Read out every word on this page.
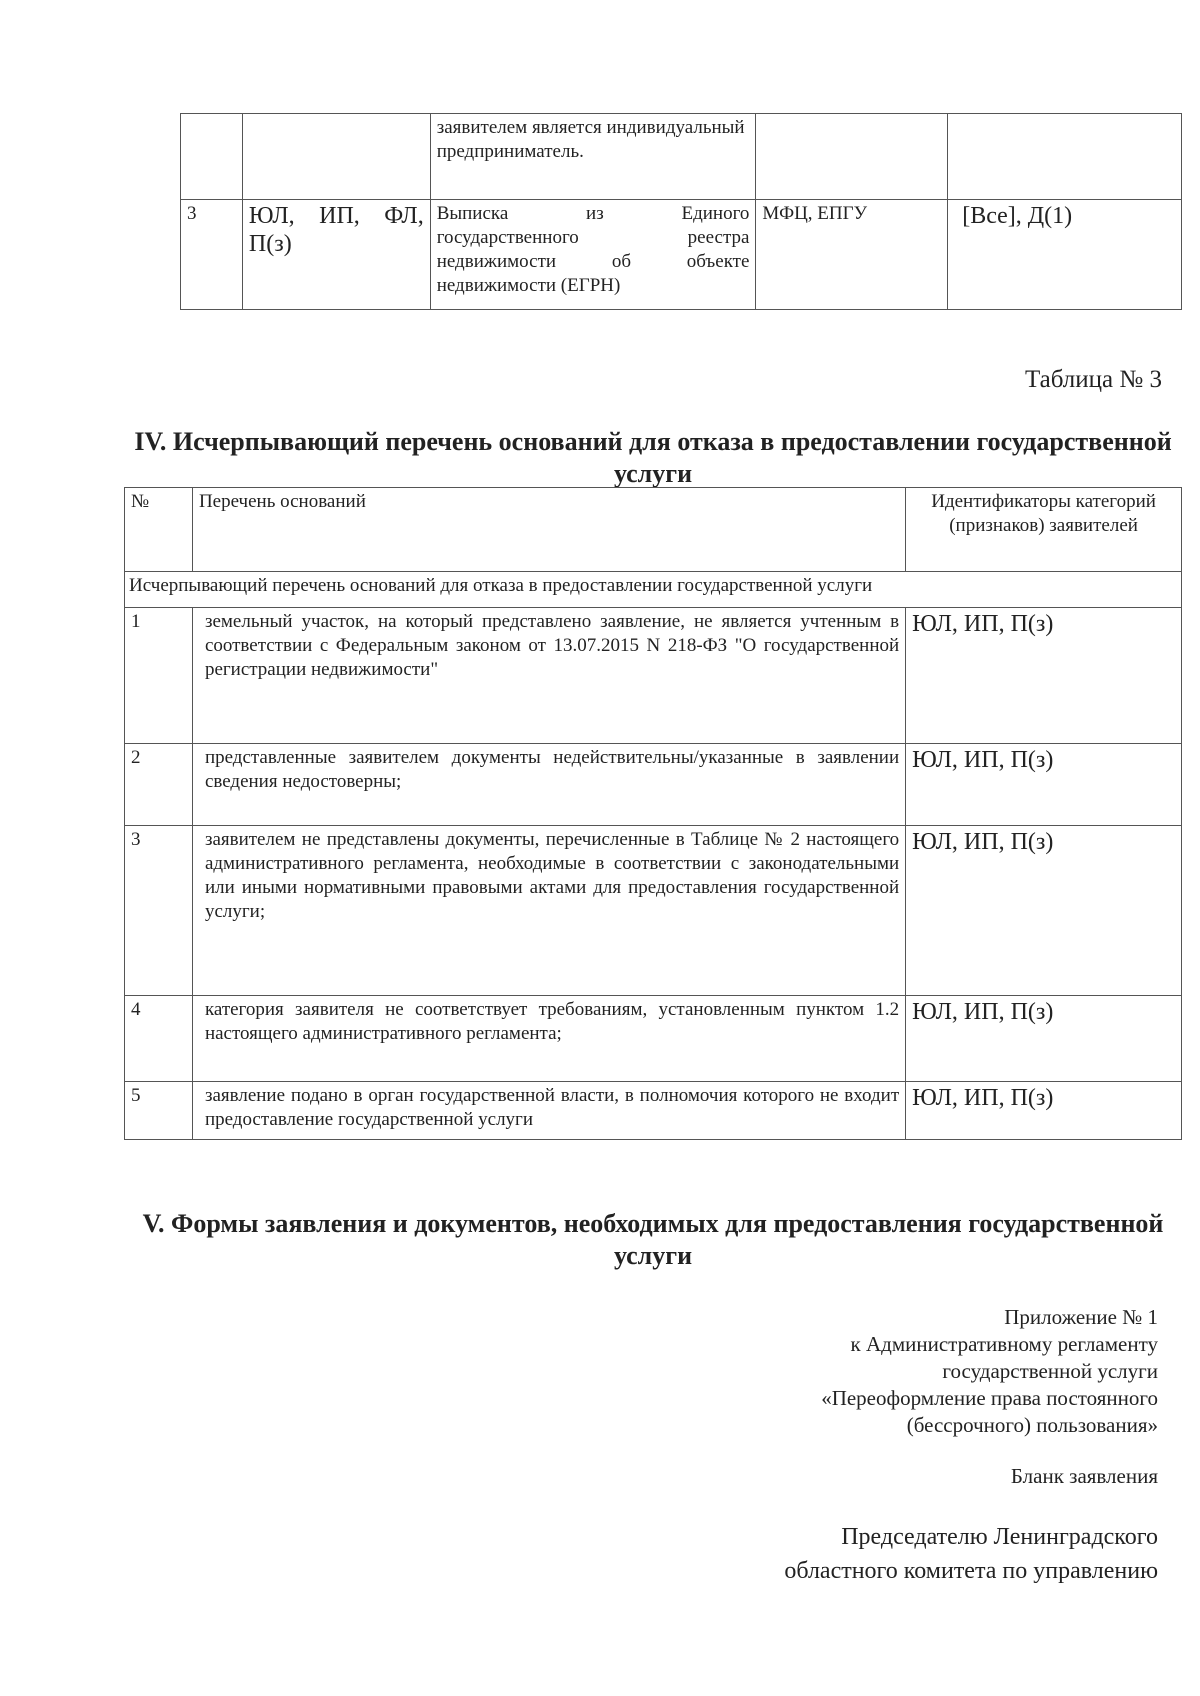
		заявителем является индивидуальный предприниматель.		
3	ЮЛ, ИП, ФЛ, П(з)	Выписка из Единого государственного реестра недвижимости об объекте недвижимости (ЕГРН)	МФЦ, ЕПГУ	[Все], Д(1)
Таблица № 3
IV. Исчерпывающий перечень оснований для отказа в предоставлении государственной услуги
№	Перечень оснований	Идентификаторы категорий (признаков) заявителей
Исчерпывающий перечень оснований для отказа в предоставлении государственной услуги		
1	земельный участок, на который представлено заявление, не является учтенным в соответствии с Федеральным законом от 13.07.2015 N 218-ФЗ "О государственной регистрации недвижимости"	ЮЛ, ИП, П(з)
2	представленные заявителем документы недействительны/указанные в заявлении сведения недостоверны;	ЮЛ, ИП, П(з)
3	заявителем не представлены документы, перечисленные в Таблице № 2 настоящего административного регламента, необходимые в соответствии с законодательными или иными нормативными правовыми актами для предоставления государственной услуги;	ЮЛ, ИП, П(з)
4	категория заявителя не соответствует требованиям, установленным пунктом 1.2 настоящего административного регламента;	ЮЛ, ИП, П(з)
5	заявление подано в орган государственной власти, в полномочия которого не входит предоставление государственной услуги	ЮЛ, ИП, П(з)
V. Формы заявления и документов, необходимых для предоставления государственной услуги
Приложение № 1
к Административному регламенту
государственной услуги
«Переоформление права постоянного
(бессрочного) пользования»
Бланк заявления
Председателю Ленинградского
областного комитета по управлению
